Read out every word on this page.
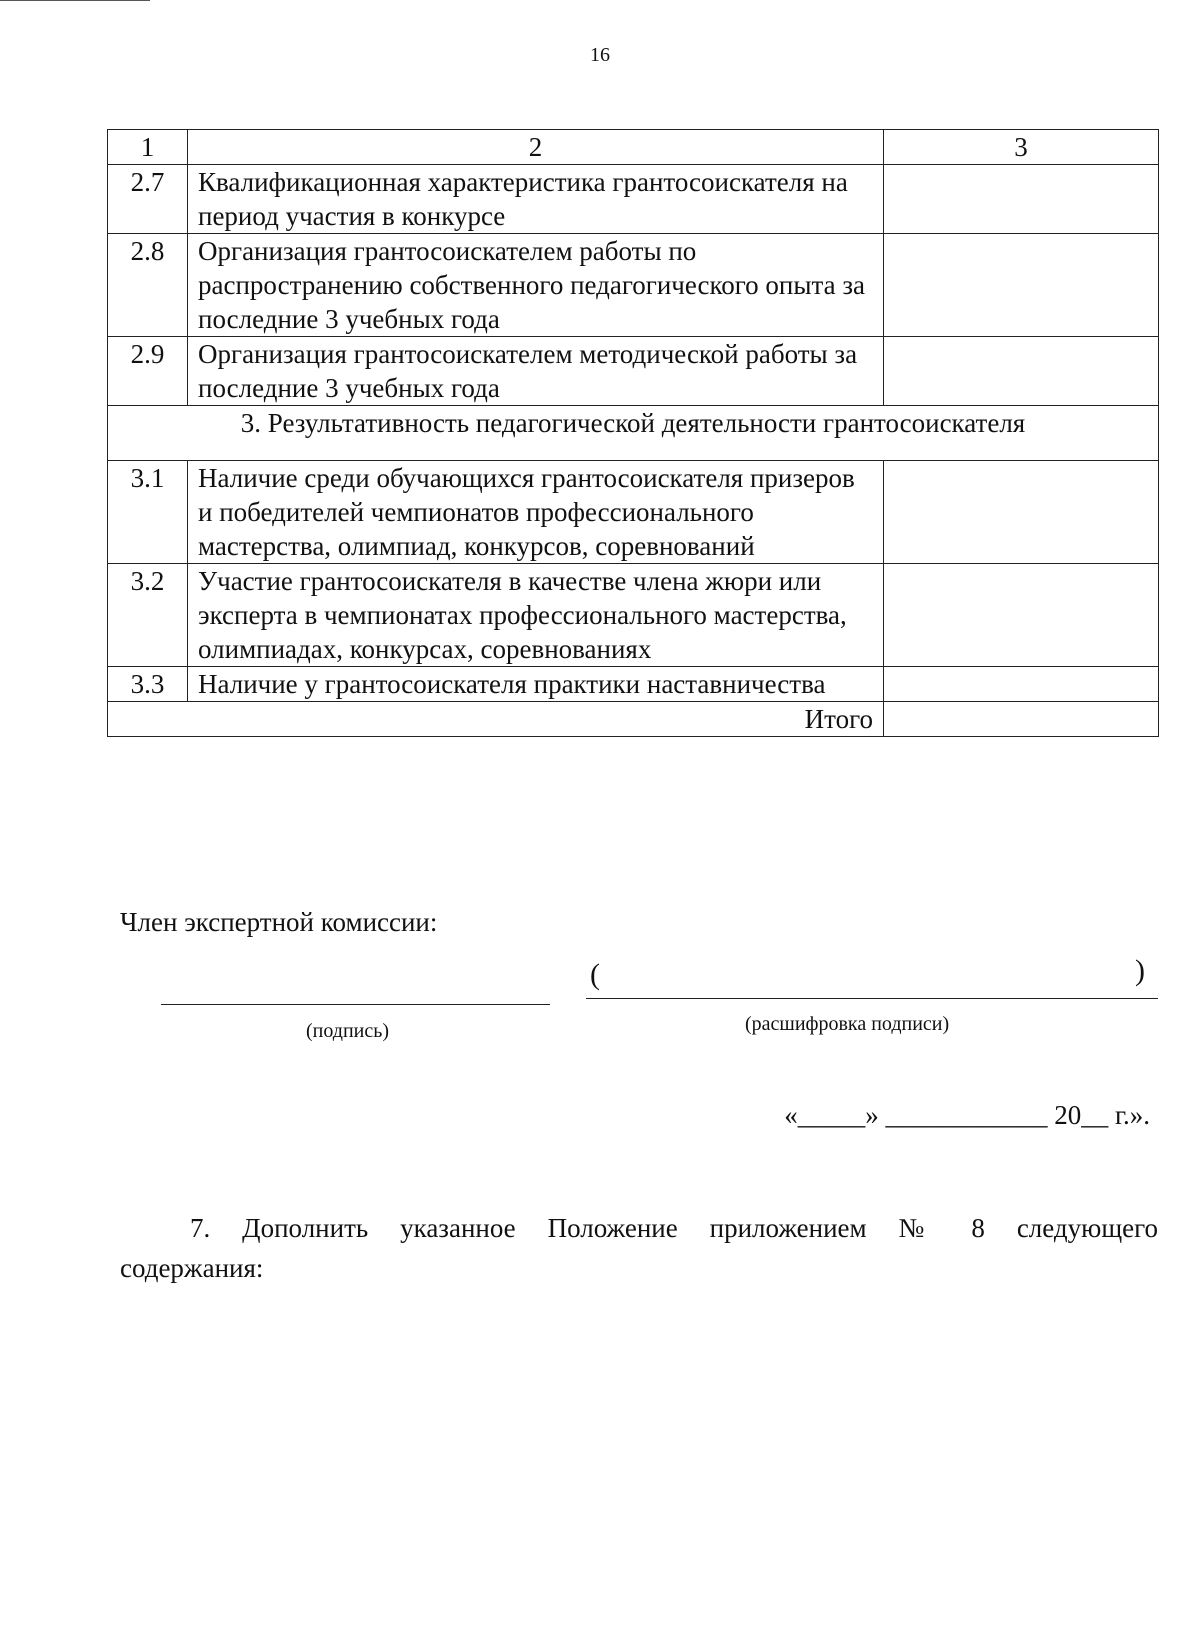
16
1	2	3
2.7	Квалификационная характеристика грантосоискателя на период участия в конкурсе	
2.8	Организация грантосоискателем работы по распространению собственного педагогического опыта за последние 3 учебных года	
2.9	Организация грантосоискателем методической работы за последние 3 учебных года	
3. Результативность педагогической деятельности грантосоискателя		
3.1	Наличие среди обучающихся грантосоискателя призеров и победителей чемпионатов профессионального мастерства, олимпиад, конкурсов, соревнований	
3.2	Участие грантосоискателя в качестве члена жюри или эксперта в чемпионатах профессионального мастерства, олимпиадах, конкурсах, соревнованиях	
3.3	Наличие у грантосоискателя практики наставничества	
Итого		
Член экспертной комиссии:
(	)
(подпись)	(расшифровка подписи)
«_____» ____________ 20__ г.».
7. Дополнить указанное Положение приложением № 8 следующего содержания:
